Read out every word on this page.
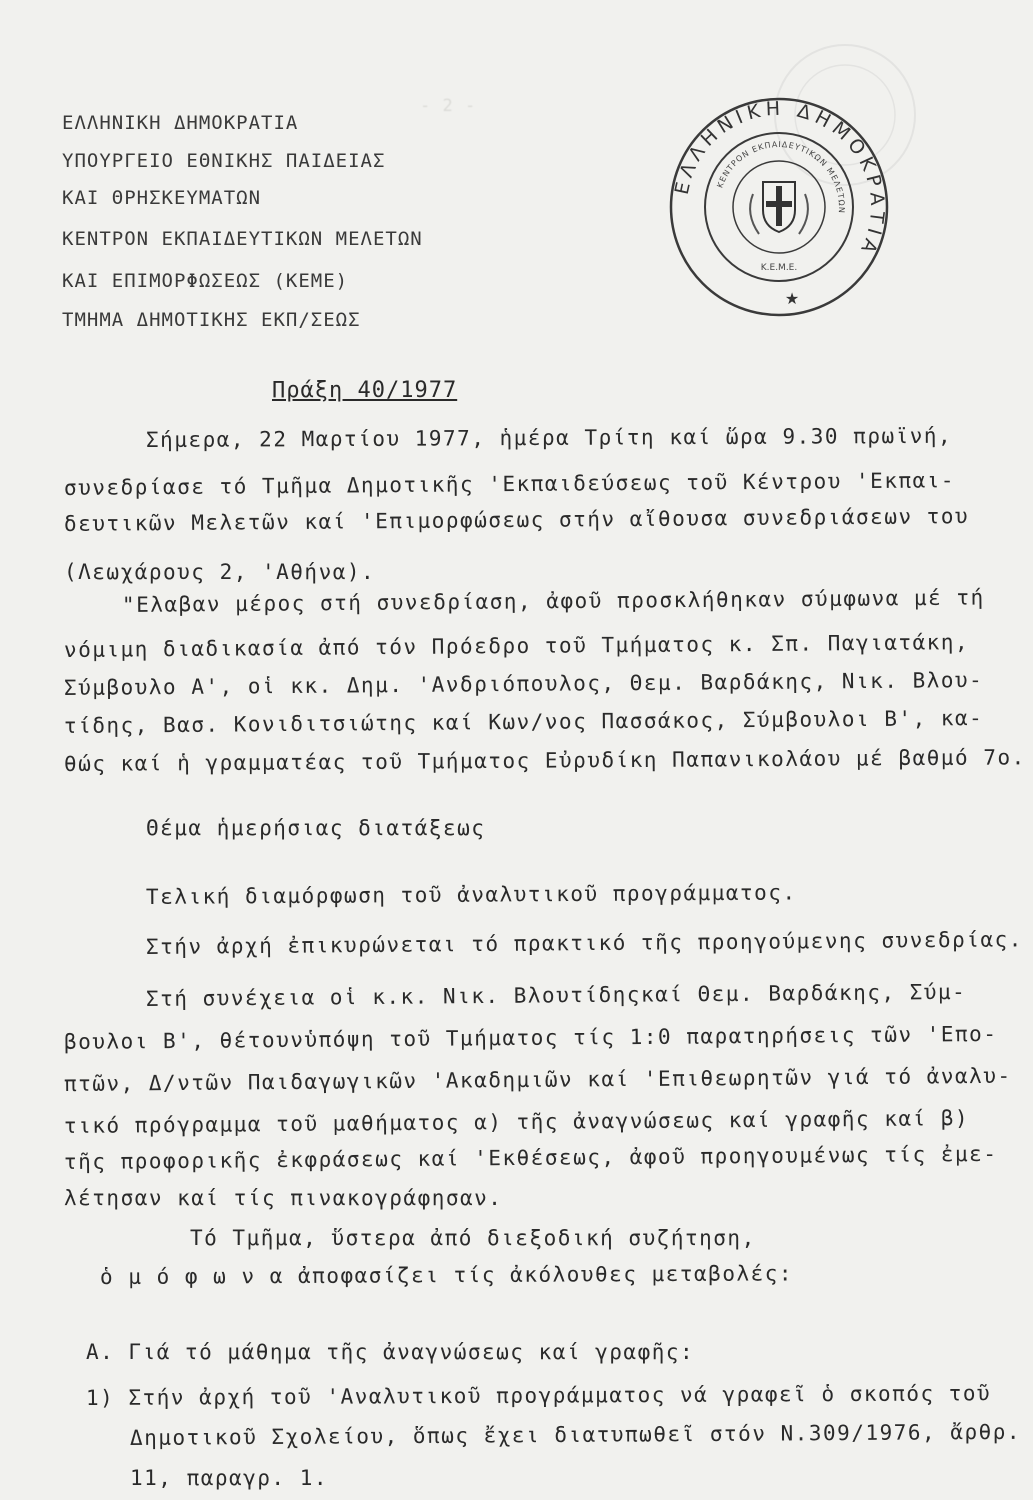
- 2 -
ΕΛΛΗΝΙΚΗ ΔΗΜΟΚΡΑΤΙΑ
ΥΠΟΥΡΓΕΙΟ ΕΘΝΙΚΗΣ ΠΑΙΔΕΙΑΣ
ΚΑΙ ΘΡΗΣΚΕΥΜΑΤΩΝ
ΚΕΝΤΡΟΝ ΕΚΠΑΙΔΕΥΤΙΚΩΝ ΜΕΛΕΤΩΝ
ΚΑΙ ΕΠΙΜΟΡΦΩΣΕΩΣ (ΚΕΜΕ)
ΤΜΗΜΑ ΔΗΜΟΤΙΚΗΣ ΕΚΠ/ΣΕΩΣ
ΕΛΛΗΝΙΚΗ ΔΗΜΟΚΡΑΤΙΑ
ΚΕΝΤΡΟΝ ΕΚΠΑΙΔΕΥΤΙΚΩΝ ΜΕΛΕΤΩΝ
Κ.Ε.Μ.Ε.
★
Πράξη 40/1977
Σήμερα, 22 Μαρτίου 1977, ἡμέρα Τρίτη καί ὥρα 9.30 πρωϊνή,
συνεδρίασε τό Τμῆμα Δημοτικῆς 'Εκπαιδεύσεως τοῦ Κέντρου 'Εκπαι-
δευτικῶν Μελετῶν καί 'Επιμορφώσεως στήν αἴθουσα συνεδριάσεων του
(Λεωχάρους 2, 'Αθήνα).
"Ελαβαν μέρος στή συνεδρίαση, ἀφοῦ προσκλήθηκαν σύμφωνα μέ τή
νόμιμη διαδικασία ἀπό τόν Πρόεδρο τοῦ Τμήματος κ. Σπ. Παγιατάκη,
Σύμβουλο Α', οἱ κκ. Δημ. 'Ανδριόπουλος, Θεμ. Βαρδάκης, Νικ. Βλου-
τίδης, Βασ. Κονιδιτσιώτης καί Κων/νος Πασσάκος, Σύμβουλοι Β', κα-
θώς καί ἡ γραμματέας τοῦ Τμήματος Εὐρυδίκη Παπανικολάου μέ βαθμό 7ο.
Θέμα ἡμερήσιας διατάξεως
Τελική διαμόρφωση τοῦ ἀναλυτικοῦ προγράμματος.
Στήν ἀρχή ἐπικυρώνεται τό πρακτικό τῆς προηγούμενης συνεδρίας.
Στή συνέχεια οἱ κ.κ. Νικ. Βλουτίδηςκαί Θεμ. Βαρδάκης, Σύμ-
βουλοι Β', θέτουνὑπόψη τοῦ Τμήματος τίς 1:0 παρατηρήσεις τῶν 'Επο-
πτῶν, Δ/ντῶν Παιδαγωγικῶν 'Ακαδημιῶν καί 'Επιθεωρητῶν γιά τό ἀναλυ-
τικό πρόγραμμα τοῦ μαθήματος α) τῆς ἀναγνώσεως καί γραφῆς καί β)
τῆς προφορικῆς ἐκφράσεως καί 'Εκθέσεως, ἀφοῦ προηγουμένως τίς ἐμε-
λέτησαν καί τίς πινακογράφησαν.
Τό Τμῆμα, ὕστερα ἀπό διεξοδική συζήτηση,
ὁ μ ό φ ω ν α ἀποφασίζει τίς ἀκόλουθες μεταβολές:
Α. Γιά τό μάθημα τῆς ἀναγνώσεως καί γραφῆς:
1) Στήν ἀρχή τοῦ 'Αναλυτικοῦ προγράμματος νά γραφεῖ ὁ σκοπός τοῦ
Δημοτικοῦ Σχολείου, ὅπως ἔχει διατυπωθεῖ στόν Ν.309/1976, ἄρθρ.
11, παραγρ. 1.
